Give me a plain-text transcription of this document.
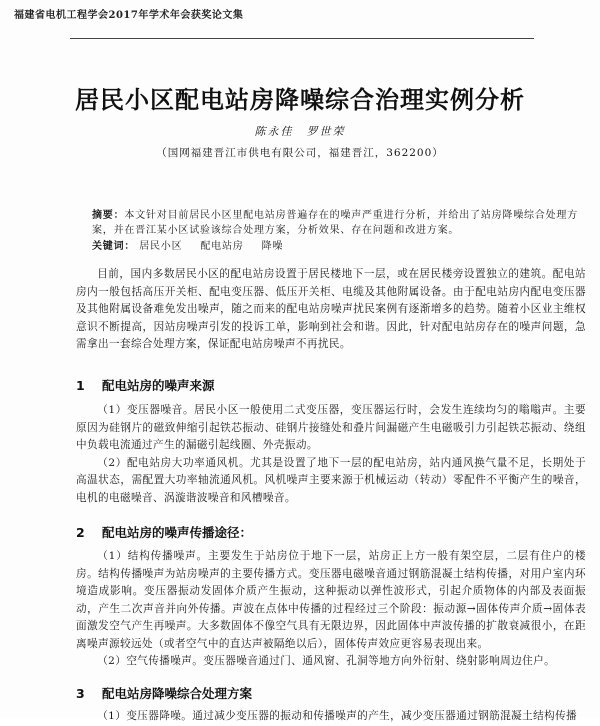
福建省电机工程学会2017年学术年会获奖论文集
居民小区配电站房降噪综合治理实例分析
陈永佳　罗世荣
（国网福建晋江市供电有限公司，福建晋江，362200）
摘要：本文针对目前居民小区里配电站房普遍存在的噪声严重进行分析，并给出了站房降噪综合处理方案，并在晋江某小区试验该综合处理方案，分析效果、存在问题和改进方案。
关键词： 居民小区 配电站房 降噪

目前，国内多数居民小区的配电站房设置于居民楼地下一层，或在居民楼旁设置独立的建筑。配电站房内一般包括高压开关柜、配电变压器、低压开关柜、电缆及其他附属设备。由于配电站房内配电变压器及其他附属设备难免发出噪声，随之而来的配电站房噪声扰民案例有逐渐增多的趋势。随着小区业主维权意识不断提高，因站房噪声引发的投诉工单，影响到社会和谐。因此，针对配电站房存在的噪声问题，急需拿出一套综合处理方案，保证配电站房噪声不再扰民。

1 配电站房的噪声来源

（1）变压器噪音。居民小区一般使用二式变压器，变压器运行时，会发生连续均匀的嗡嗡声。主要原因为硅钢片的磁致伸缩引起铁芯振动、硅钢片接缝处和叠片间漏磁产生电磁吸引力引起铁芯振动、绕组中负载电流通过产生的漏磁引起线圈、外壳振动。

（2）配电站房大功率通风机。尤其是设置了地下一层的配电站房，站内通风换气量不足，长期处于高温状态，需配置大功率轴流通风机。风机噪声主要来源于机械运动（转动）零配件不平衡产生的噪音，电机的电磁噪音、涡漩谐波噪音和风槽噪音。

2 配电站房的噪声传播途径：

（1）结构传播噪声。主要发生于站房位于地下一层，站房正上方一般有架空层，二层有住户的楼房。结构传播噪声为站房噪声的主要传播方式。变压器电磁噪音通过钢筋混凝土结构传播，对用户室内环境造成影响。变压器振动发固体介质产生振动，这种振动以弹性波形式，引起介质物体的内部及表面振动，产生二次声音并向外传播。声波在点体中传播的过程经过三个阶段：振动源→固体传声介质→固体表面激发空气产生再噪声。大多数固体不像空气具有无限边界，因此固体中声波传播的扩散衰减很小，在距离噪声源较远处（或者空气中的直达声被隔绝以后），固体传声效应更容易表现出来。

（2）空气传播噪声。变压器噪音通过门、通风窗、孔洞等地方向外衍射、绕射影响周边住户。

3 配电站房降噪综合处理方案

（1）变压器降噪。通过减少变压器的振动和传播噪声的产生，减少变压器通过钢筋混凝土结构传播
